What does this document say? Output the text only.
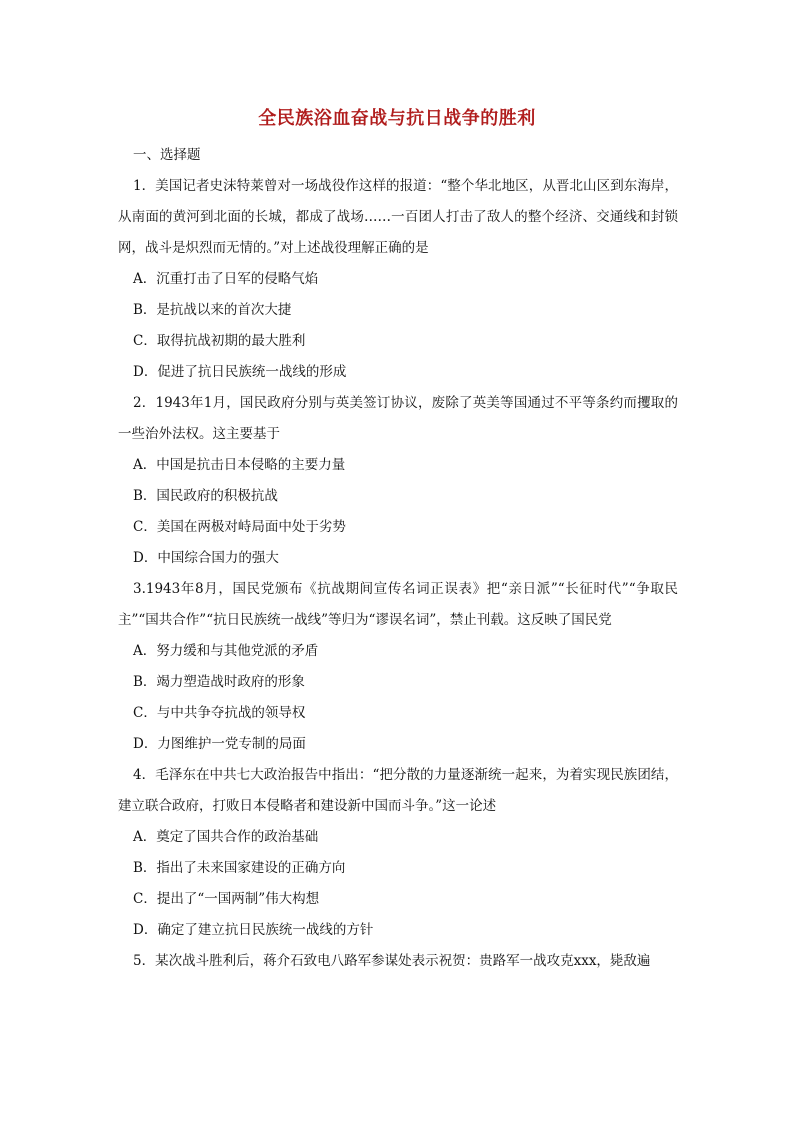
全民族浴血奋战与抗日战争的胜利

一、选择题

1．美国记者史沫特莱曾对一场战役作这样的报道：“整个华北地区，从晋北山区到东海岸，从南面的黄河到北面的长城，都成了战场……一百团人打击了敌人的整个经济、交通线和封锁网，战斗是炽烈而无情的。”对上述战役理解正确的是

A．沉重打击了日军的侵略气焰

B．是抗战以来的首次大捷

C．取得抗战初期的最大胜利

D．促进了抗日民族统一战线的形成

2．1943年1月，国民政府分别与英美签订协议，废除了英美等国通过不平等条约而攫取的一些治外法权。这主要基于

A．中国是抗击日本侵略的主要力量

B．国民政府的积极抗战

C．美国在两极对峙局面中处于劣势

D．中国综合国力的强大

3.1943年8月，国民党颁布《抗战期间宣传名词正误表》把“亲日派”“长征时代”“争取民主”“国共合作”“抗日民族统一战线”等归为“谬误名词”，禁止刊载。这反映了国民党

A．努力缓和与其他党派的矛盾

B．竭力塑造战时政府的形象

C．与中共争夺抗战的领导权

D．力图维护一党专制的局面

4．毛泽东在中共七大政治报告中指出：“把分散的力量逐渐统一起来，为着实现民族团结，建立联合政府，打败日本侵略者和建设新中国而斗争。”这一论述

A．奠定了国共合作的政治基础

B．指出了未来国家建设的正确方向

C．提出了“一国两制”伟大构想

D．确定了建立抗日民族统一战线的方针

5．某次战斗胜利后，蒋介石致电八路军参谋处表示祝贺：贵路军一战攻克xxx，毙敌遍
